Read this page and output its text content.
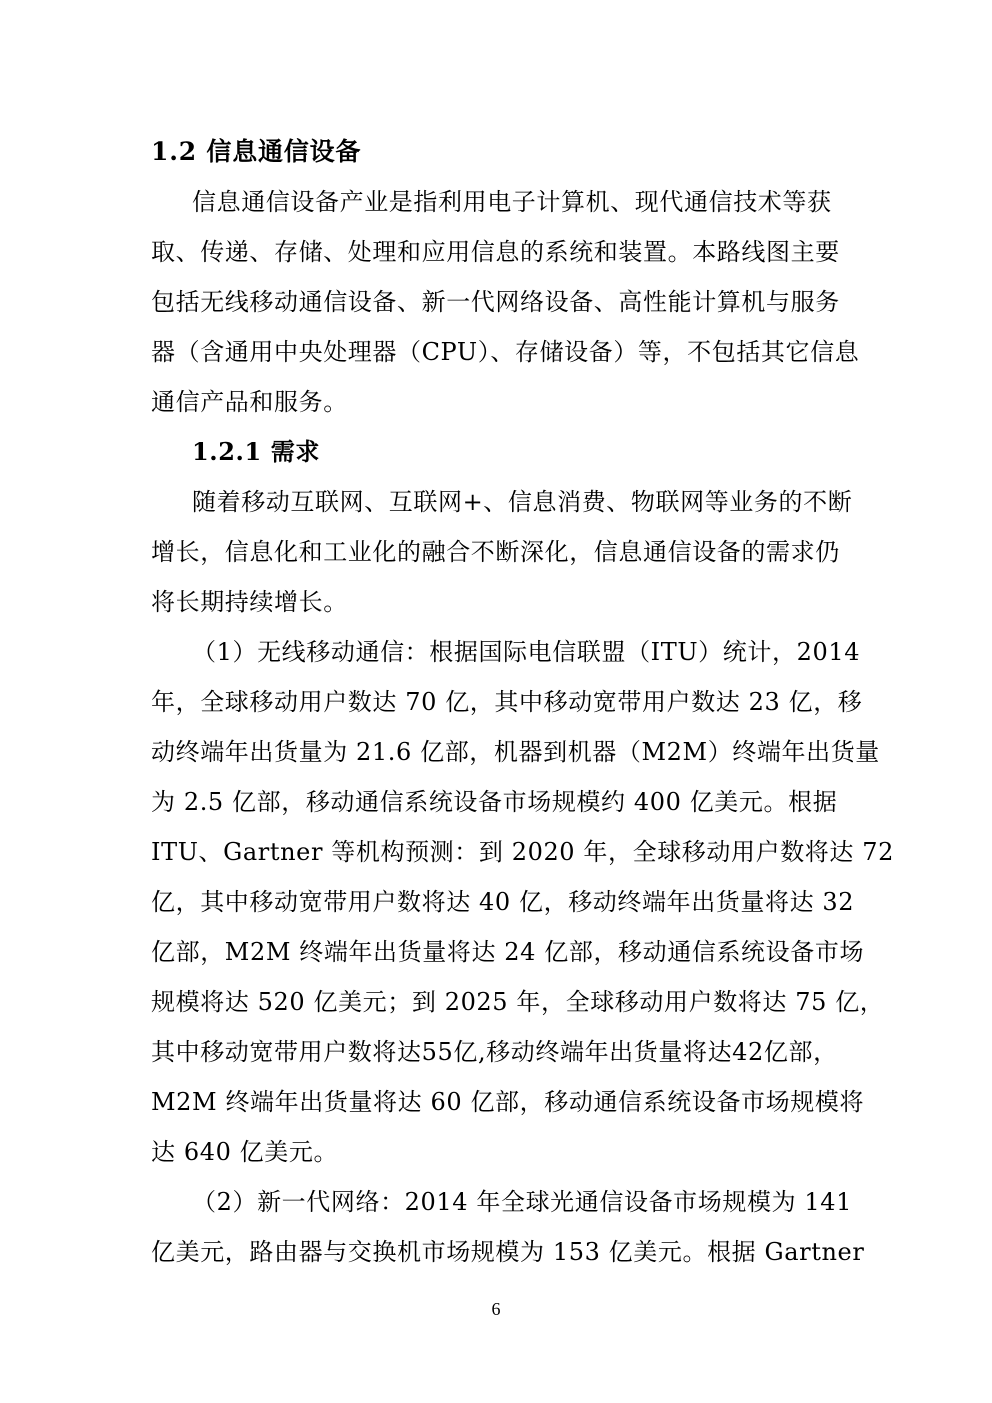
1.2 信息通信设备
信息通信设备产业是指利用电子计算机、现代通信技术等获
取、传递、存储、处理和应用信息的系统和装置。本路线图主要
包括无线移动通信设备、新一代网络设备、高性能计算机与服务
器（含通用中央处理器（CPU）、存储设备）等，不包括其它信息
通信产品和服务。
1.2.1 需求
随着移动互联网、互联网+、信息消费、物联网等业务的不断
增长，信息化和工业化的融合不断深化，信息通信设备的需求仍
将长期持续增长。
（1）无线移动通信：根据国际电信联盟（ITU）统计，2014
年，全球移动用户数达 70 亿，其中移动宽带用户数达 23 亿，移
动终端年出货量为 21.6 亿部，机器到机器（M2M）终端年出货量
为 2.5 亿部，移动通信系统设备市场规模约 400 亿美元。根据
ITU、Gartner 等机构预测：到 2020 年，全球移动用户数将达 72
亿，其中移动宽带用户数将达 40 亿，移动终端年出货量将达 32
亿部，M2M 终端年出货量将达 24 亿部，移动通信系统设备市场
规模将达 520 亿美元；到 2025 年，全球移动用户数将达 75 亿，
其中移动宽带用户数将达55亿,移动终端年出货量将达42亿部，
M2M 终端年出货量将达 60 亿部，移动通信系统设备市场规模将
达 640 亿美元。
（2）新一代网络：2014 年全球光通信设备市场规模为 141
亿美元，路由器与交换机市场规模为 153 亿美元。根据 Gartner
6
